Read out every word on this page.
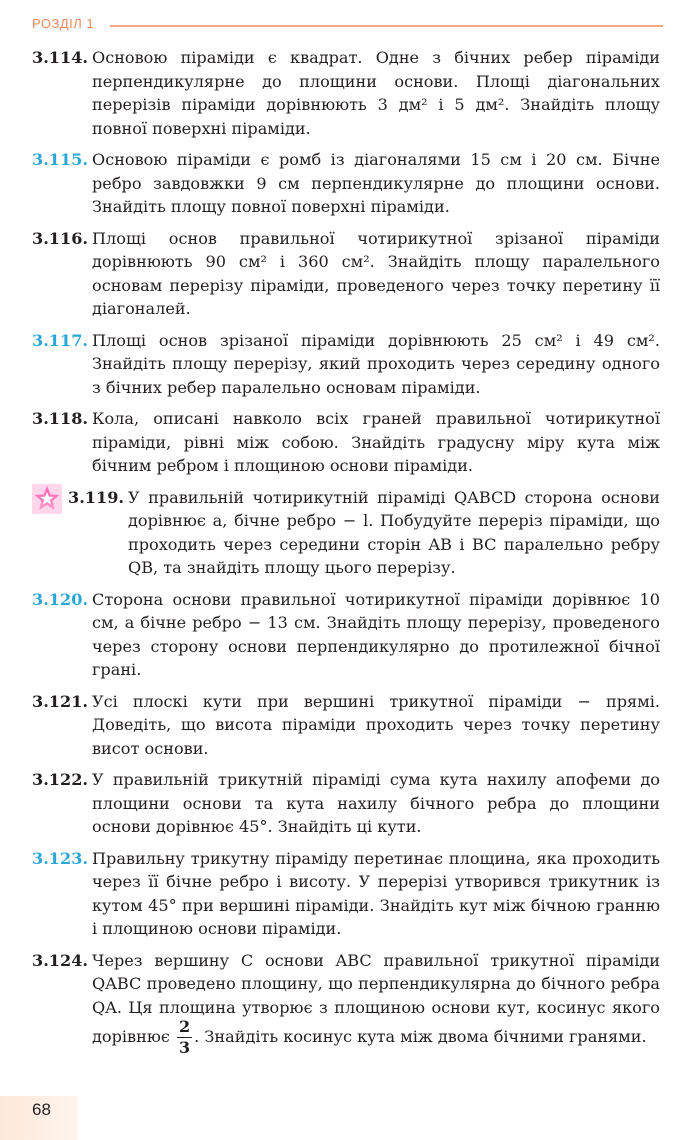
РОЗДІЛ 1
3.114. Основою піраміди є квадрат. Одне з бічних ребер піраміди перпендикулярне до площини основи. Площі діагональних перерізів піраміди дорівнюють 3 дм² і 5 дм². Знайдіть площу повної поверхні піраміди.
3.115. Основою піраміди є ромб із діагоналями 15 см і 20 см. Бічне ребро завдовжки 9 см перпендикулярне до площини основи. Знайдіть площу повної поверхні піраміди.
3.116. Площі основ правильної чотирикутної зрізаної піраміди дорівнюють 90 см² і 360 см². Знайдіть площу паралельного основам перерізу піраміди, проведеного через точку перетину її діагоналей.
3.117. Площі основ зрізаної піраміди дорівнюють 25 см² і 49 см². Знайдіть площу перерізу, який проходить через середину одного з бічних ребер паралельно основам піраміди.
3.118. Кола, описані навколо всіх граней правильної чотирикутної піраміди, рівні між собою. Знайдіть градусну міру кута між бічним ребром і площиною основи піраміди.
3.119. У правильній чотирикутній піраміді QABCD сторона основи дорівнює a, бічне ребро − l. Побудуйте переріз піраміди, що проходить через середини сторін AB і BC паралельно ребру QB, та знайдіть площу цього перерізу.
3.120. Сторона основи правильної чотирикутної піраміди дорівнює 10 см, а бічне ребро − 13 см. Знайдіть площу перерізу, проведеного через сторону основи перпендикулярно до протилежної бічної грані.
3.121. Усі плоскі кути при вершині трикутної піраміди − прямі. Доведіть, що висота піраміди проходить через точку перетину висот основи.
3.122. У правильній трикутній піраміді сума кута нахилу апофеми до площини основи та кута нахилу бічного ребра до площини основи дорівнює 45°. Знайдіть ці кути.
3.123. Правильну трикутну піраміду перетинає площина, яка проходить через її бічне ребро і висоту. У перерізі утворився трикутник із кутом 45° при вершині піраміди. Знайдіть кут між бічною гранню і площиною основи піраміди.
3.124. Через вершину C основи ABC правильної трикутної піраміди QABC проведено площину, що перпендикулярна до бічного ребра QA. Ця площина утворює з площиною основи кут, косинус якого дорівнює $\frac{2}{3}$ . Знайдіть косинус кута між двома бічними гранями.
68
